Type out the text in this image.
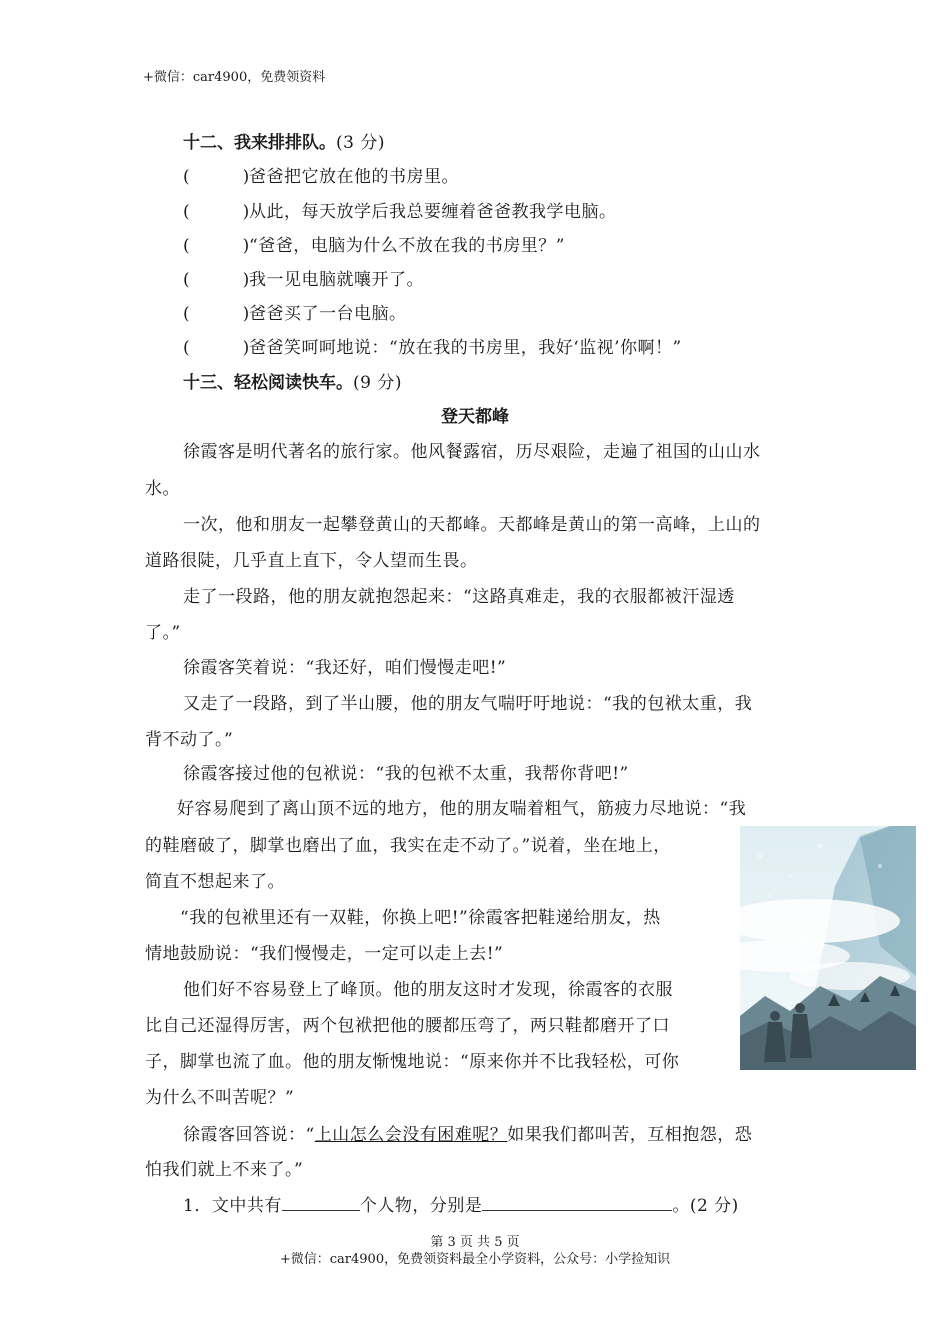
+微信：car4900，免费领资料
十二、我来排排队。(3 分)
(　　　)爸爸把它放在他的书房里。
(　　　)从此，每天放学后我总要缠着爸爸教我学电脑。
(　　　)“爸爸，电脑为什么不放在我的书房里？”
(　　　)我一见电脑就嚷开了。
(　　　)爸爸买了一台电脑。
(　　　)爸爸笑呵呵地说：“放在我的书房里，我好‘监视’你啊！”
十三、轻松阅读快车。(9 分)
登天都峰
徐霞客是明代著名的旅行家。他风餐露宿，历尽艰险，走遍了祖国的山山水
水。
一次，他和朋友一起攀登黄山的天都峰。天都峰是黄山的第一高峰，上山的
道路很陡，几乎直上直下，令人望而生畏。
走了一段路，他的朋友就抱怨起来：“这路真难走，我的衣服都被汗湿透
了。”
徐霞客笑着说：“我还好，咱们慢慢走吧!”
又走了一段路，到了半山腰，他的朋友气喘吁吁地说：“我的包袱太重，我
背不动了。”
徐霞客接过他的包袱说：“我的包袱不太重，我帮你背吧!”
好容易爬到了离山顶不远的地方，他的朋友喘着粗气，筋疲力尽地说：“我
的鞋磨破了，脚掌也磨出了血，我实在走不动了。”说着，坐在地上，
简直不想起来了。
“我的包袱里还有一双鞋，你换上吧!”徐霞客把鞋递给朋友，热
情地鼓励说：“我们慢慢走，一定可以走上去!”
他们好不容易登上了峰顶。他的朋友这时才发现，徐霞客的衣服
比自己还湿得厉害，两个包袱把他的腰都压弯了，两只鞋都磨开了口
子，脚掌也流了血。他的朋友惭愧地说：“原来你并不比我轻松，可你
为什么不叫苦呢？”
徐霞客回答说：“上山怎么会没有困难呢？如果我们都叫苦，互相抱怨，恐
怕我们就上不来了。”
1．文中共有	个人物，分别是	。(2 分)
第 3 页 共 5 页
+微信：car4900，免费领资料最全小学资料，公众号：小学捡知识
